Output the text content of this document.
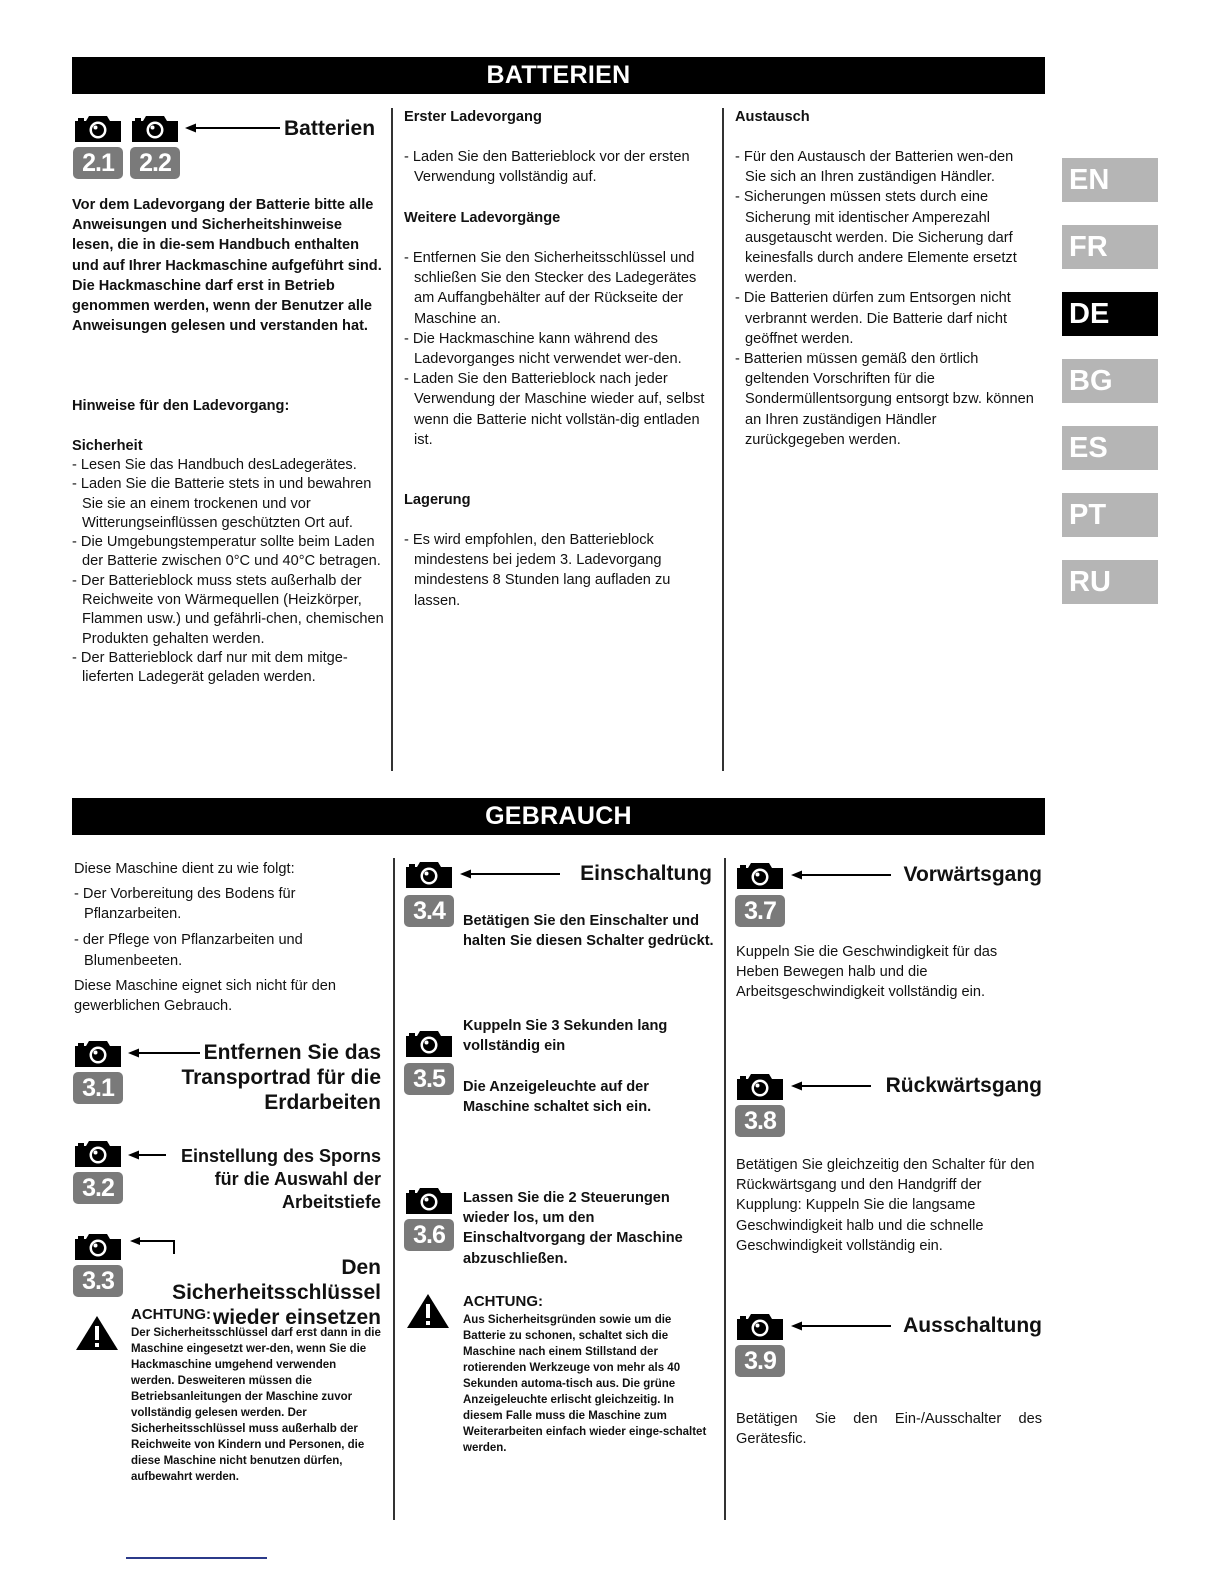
BATTERIEN
2.1	2.2
Batterien
Vor dem Ladevorgang der Batterie bitte alle Anweisungen und Sicherheitshinweise lesen, die in die-sem Handbuch enthalten und auf Ihrer Hackmaschine aufgeführt sind. Die Hackmaschine darf erst in Betrieb genommen werden, wenn der Benutzer alle Anweisungen gelesen und verstanden hat.
Hinweise für den Ladevorgang:
Sicherheit
- Lesen Sie das Handbuch desLadegerätes.
- Laden Sie die Batterie stets in und bewahren Sie sie an einem trockenen und vor Witterungseinflüssen geschützten Ort auf.
- Die Umgebungstemperatur sollte beim Laden der Batterie zwischen 0°C und 40°C betragen.
- Der Batterieblock muss stets außerhalb der Reichweite von Wärmequellen (Heizkörper, Flammen usw.) und gefährli-chen, chemischen Produkten gehalten werden.
- Der Batterieblock darf nur mit dem mitge-lieferten Ladegerät geladen werden.
Erster Ladevorgang
- Laden Sie den Batterieblock vor der ersten Verwendung vollständig auf.
Weitere Ladevorgänge
- Entfernen Sie den Sicherheitsschlüssel und schließen Sie den Stecker des Ladegerätes am Auffangbehälter auf der Rückseite der Maschine an.
- Die Hackmaschine kann während des Ladevorganges nicht verwendet wer-den.
- Laden Sie den Batterieblock nach jeder Verwendung der Maschine wieder auf, selbst wenn die Batterie nicht vollstän-dig entladen ist.
Lagerung
- Es wird empfohlen, den Batterieblock mindestens bei jedem 3. Ladevorgang mindestens 8 Stunden lang aufladen zu lassen.
Austausch
- Für den Austausch der Batterien wen-den Sie sich an Ihren zuständigen Händler.
- Sicherungen müssen stets durch eine Sicherung mit identischer Amperezahl ausgetauscht werden. Die Sicherung darf keinesfalls durch andere Elemente ersetzt werden.
- Die Batterien dürfen zum Entsorgen nicht verbrannt werden. Die Batterie darf nicht geöffnet werden.
- Batterien müssen gemäß den örtlich geltenden Vorschriften für die Sondermüllentsorgung entsorgt bzw. können an Ihren zuständigen Händler zurückgegeben werden.
GEBRAUCH
Diese Maschine dient zu wie folgt:
- Der Vorbereitung des Bodens für Pflanzarbeiten.
- der Pflege von Pflanzarbeiten und Blumenbeeten.
Diese Maschine eignet sich nicht für den gewerblichen Gebrauch.
3.1
Entfernen Sie das Transportrad für die Erdarbeiten
3.2
Einstellung des Sporns für die Auswahl der Arbeitstiefe
3.3	Den Sicherheitsschlüssel wieder einsetzen
ACHTUNG:
Der Sicherheitsschlüssel darf erst dann in die Maschine eingesetzt wer-den, wenn Sie die Hackmaschine umgehend verwenden werden. Desweiteren müssen die Betriebsanleitungen der Maschine zuvor vollständig gelesen werden. Der Sicherheitsschlüssel muss außerhalb der Reichweite von Kindern und Personen, die diese Maschine nicht benutzen dürfen, aufbewahrt werden.
Einschaltung
3.4	Betätigen Sie den Einschalter und halten Sie diesen Schalter gedrückt.
3.5
Kuppeln Sie 3 Sekunden lang vollständig ein
Die Anzeigeleuchte auf der Maschine schaltet sich ein.
3.6
Lassen Sie die 2 Steuerungen wieder los, um den Einschaltvorgang der Maschine abzuschließen.
ACHTUNG:
Aus Sicherheitsgründen sowie um die Batterie zu schonen, schaltet sich die Maschine nach einem Stillstand der rotierenden Werkzeuge von mehr als 40 Sekunden automa-tisch aus. Die grüne Anzeigeleuchte erlischt gleichzeitig. In diesem Falle muss die Maschine zum Weiterarbeiten einfach wieder einge-schaltet werden.
3.7
Vorwärtsgang
Kuppeln Sie die Geschwindigkeit für das Heben Bewegen halb und die Arbeitsgeschwindigkeit vollständig ein.
3.8
Rückwärtsgang
Betätigen Sie gleichzeitig den Schalter für den Rückwärtsgang und den Handgriff der Kupplung: Kuppeln Sie die langsame Geschwindigkeit halb und die schnelle Geschwindigkeit vollständig ein.
3.9
Ausschaltung
Betätigen Sie den Ein-/Ausschalter des Gerätesfic.
EN
FR
DE
BG
ES
PT
RU
